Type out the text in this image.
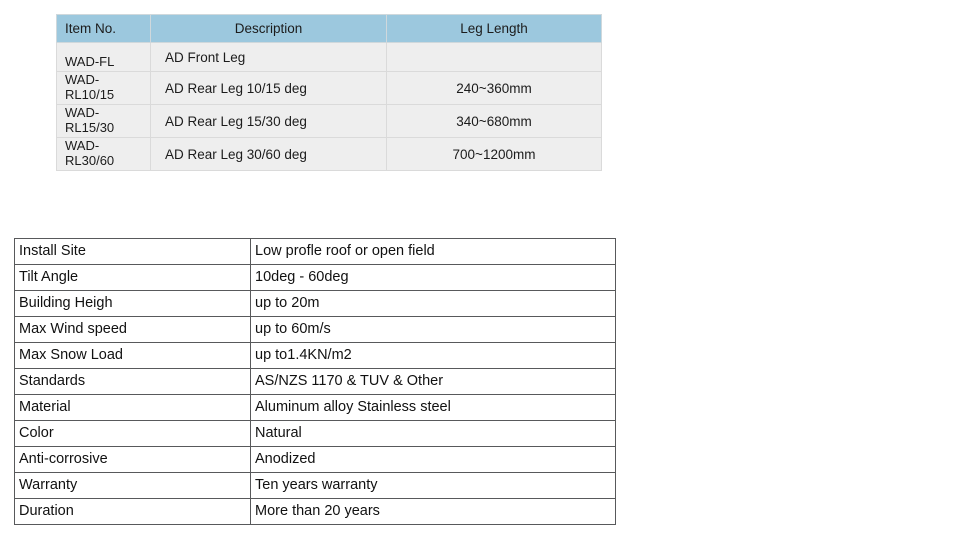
Item No.	Description	Leg Length
WAD-FL	AD Front Leg	
WAD-RL10/15	AD Rear Leg 10/15 deg	240~360mm
WAD-RL15/30	AD Rear Leg 15/30 deg	340~680mm
WAD-RL30/60	AD Rear Leg 30/60 deg	700~1200mm
Install Site	Low profle roof or open field
Tilt Angle	10deg - 60deg
Building Heigh	up to 20m
Max Wind speed	up to 60m/s
Max Snow Load	up to1.4KN/m2
Standards	AS/NZS 1170 & TUV & Other
Material	Aluminum alloy Stainless steel
Color	Natural
Anti-corrosive	Anodized
Warranty	Ten years warranty
Duration	More than 20 years
